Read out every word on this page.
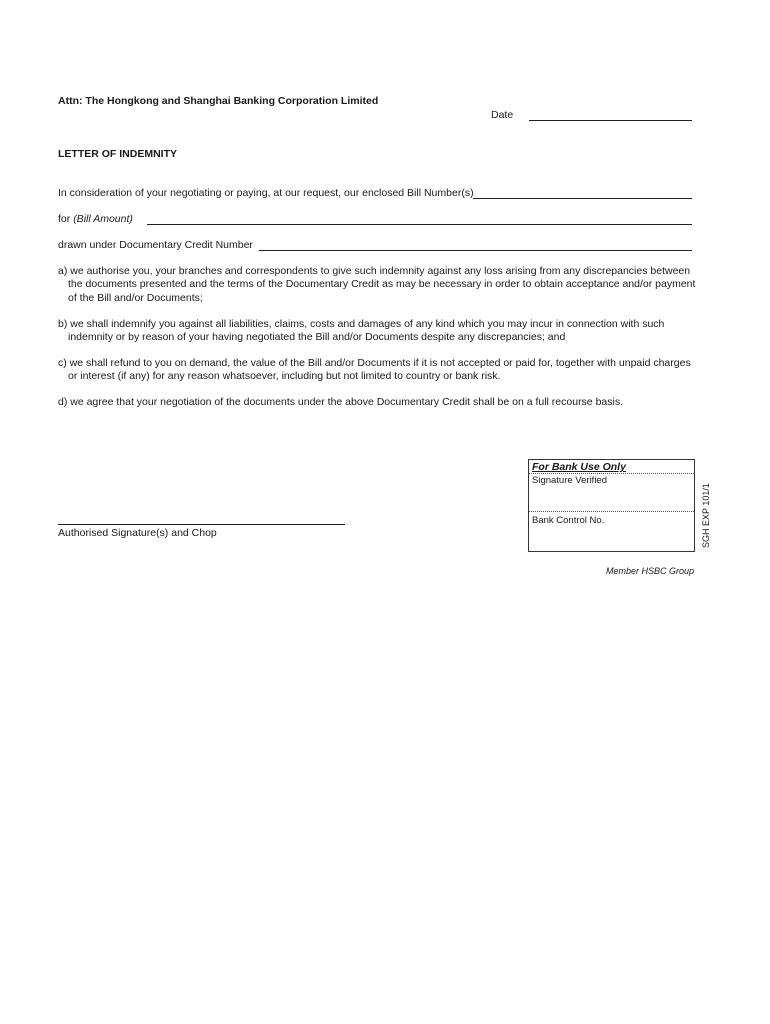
Attn: The Hongkong and Shanghai Banking Corporation Limited
Date
LETTER OF INDEMNITY
In consideration of your negotiating or paying, at our request, our enclosed Bill Number(s)
for (Bill Amount)
drawn under Documentary Credit Number
a) we authorise you, your branches and correspondents to give such indemnity against any loss arising from any discrepancies between
the documents presented and the terms of the Documentary Credit as may be necessary in order to obtain acceptance and/or payment
of the Bill and/or Documents;
b) we shall indemnify you against all liabilities, claims, costs and damages of any kind which you may incur in connection with such
indemnity or by reason of your having negotiated the Bill and/or Documents despite any discrepancies; and
c) we shall refund to you on demand, the value of the Bill and/or Documents if it is not accepted or paid for, together with unpaid charges
or interest (if any) for any reason whatsoever, including but not limited to country or bank risk.
d) we agree that your negotiation of the documents under the above Documentary Credit shall be on a full recourse basis.
For Bank Use Only
Signature Verified
Bank Control No.
Authorised Signature(s) and Chop	SGH EXP 101/1
Member HSBC Group
